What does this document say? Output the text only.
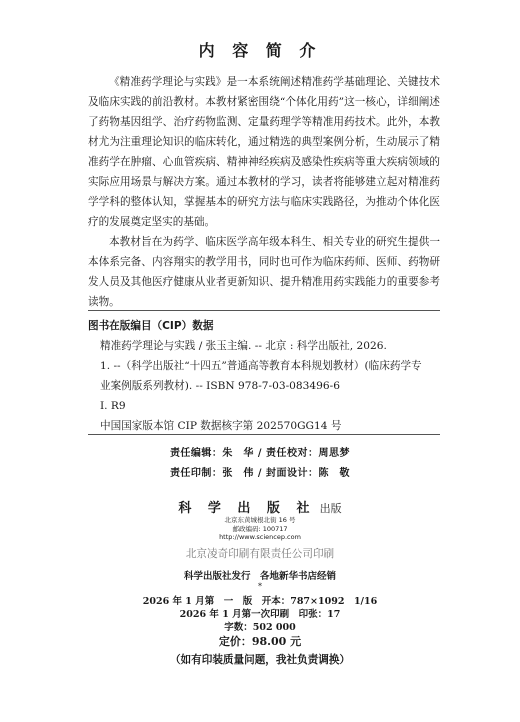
内 容 简 介

《精准药学理论与实践》是一本系统阐述精准药学基础理论、关键技术及临床实践的前沿教材。本教材紧密围绕“个体化用药”这一核心，详细阐述了药物基因组学、治疗药物监测、定量药理学等精准用药技术。此外，本教材尤为注重理论知识的临床转化，通过精选的典型案例分析，生动展示了精准药学在肿瘤、心血管疾病、精神神经疾病及感染性疾病等重大疾病领域的实际应用场景与解决方案。通过本教材的学习，读者将能够建立起对精准药学学科的整体认知，掌握基本的研究方法与临床实践路径，为推动个体化医疗的发展奠定坚实的基础。

本教材旨在为药学、临床医学高年级本科生、相关专业的研究生提供一本体系完备、内容翔实的教学用书，同时也可作为临床药师、医师、药物研发人员及其他医疗健康从业者更新知识、提升精准用药实践能力的重要参考读物。

图书在版编目（CIP）数据
精准药学理论与实践 / 张玉主编. -- 北京 : 科学出版社, 2026.
1. --（科学出版社“十四五”普通高等教育本科规划教材）(临床药学专
业案例版系列教材). -- ISBN 978-7-03-083496-6
Ⅰ. R9
中国国家版本馆 CIP 数据核字第 202570GG14 号
责任编辑：朱　华 / 责任校对：周思梦
责任印制：张　伟 / 封面设计：陈　敬
科 学 出 版 社 出版
北京东黄城根北街 16 号
邮政编码: 100717
http://www.sciencep.com
北京凌奇印刷有限责任公司印刷
科学出版社发行　各地新华书店经销
*
2026 年 1 月第　一　版　开本：787×1092　1/16
2026 年 1 月第一次印刷　印张：17
字数：502 000
定价：98.00 元
（如有印装质量问题，我社负责调换）
